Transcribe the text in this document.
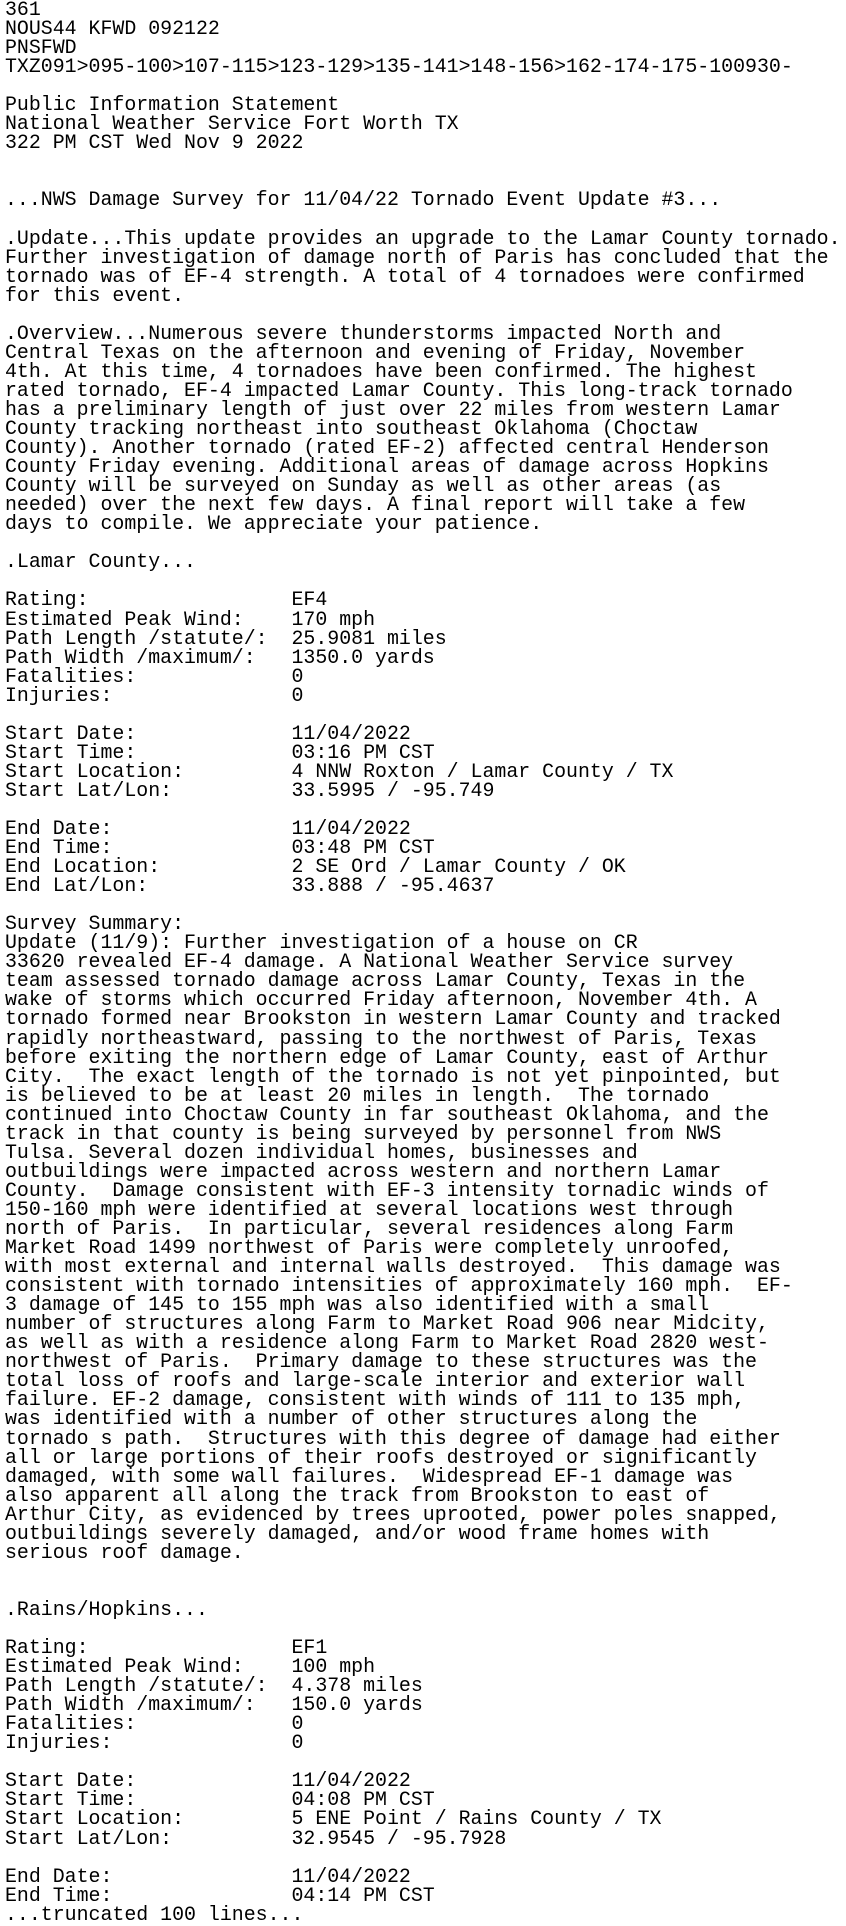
361
NOUS44 KFWD 092122
PNSFWD
TXZ091>095-100>107-115>123-129>135-141>148-156>162-174-175-100930-
Public Information Statement
National Weather Service Fort Worth TX
322 PM CST Wed Nov 9 2022
...NWS Damage Survey for 11/04/22 Tornado Event Update #3...
.Update...This update provides an upgrade to the Lamar County tornado.
Further investigation of damage north of Paris has concluded that the
tornado was of EF-4 strength. A total of 4 tornadoes were confirmed
for this event.
.Overview...Numerous severe thunderstorms impacted North and
Central Texas on the afternoon and evening of Friday, November
4th. At this time, 4 tornadoes have been confirmed. The highest
rated tornado, EF-4 impacted Lamar County. This long-track tornado
has a preliminary length of just over 22 miles from western Lamar
County tracking northeast into southeast Oklahoma (Choctaw
County). Another tornado (rated EF-2) affected central Henderson
County Friday evening. Additional areas of damage across Hopkins
County will be surveyed on Sunday as well as other areas (as
needed) over the next few days. A final report will take a few
days to compile. We appreciate your patience.
.Lamar County...
Rating:                 EF4
Estimated Peak Wind:    170 mph
Path Length /statute/:  25.9081 miles
Path Width /maximum/:   1350.0 yards
Fatalities:             0
Injuries:               0
Start Date:             11/04/2022
Start Time:             03:16 PM CST
Start Location:         4 NNW Roxton / Lamar County / TX
Start Lat/Lon:          33.5995 / -95.749
End Date:               11/04/2022
End Time:               03:48 PM CST
End Location:           2 SE Ord / Lamar County / OK
End Lat/Lon:            33.888 / -95.4637
Survey Summary:
Update (11/9): Further investigation of a house on CR
33620 revealed EF-4 damage. A National Weather Service survey
team assessed tornado damage across Lamar County, Texas in the
wake of storms which occurred Friday afternoon, November 4th. A
tornado formed near Brookston in western Lamar County and tracked
rapidly northeastward, passing to the northwest of Paris, Texas
before exiting the northern edge of Lamar County, east of Arthur
City.  The exact length of the tornado is not yet pinpointed, but
is believed to be at least 20 miles in length.  The tornado
continued into Choctaw County in far southeast Oklahoma, and the
track in that county is being surveyed by personnel from NWS
Tulsa. Several dozen individual homes, businesses and
outbuildings were impacted across western and northern Lamar
County.  Damage consistent with EF-3 intensity tornadic winds of
150-160 mph were identified at several locations west through
north of Paris.  In particular, several residences along Farm
Market Road 1499 northwest of Paris were completely unroofed,
with most external and internal walls destroyed.  This damage was
consistent with tornado intensities of approximately 160 mph.  EF-
3 damage of 145 to 155 mph was also identified with a small
number of structures along Farm to Market Road 906 near Midcity,
as well as with a residence along Farm to Market Road 2820 west-
northwest of Paris.  Primary damage to these structures was the
total loss of roofs and large-scale interior and exterior wall
failure. EF-2 damage, consistent with winds of 111 to 135 mph,
was identified with a number of other structures along the
tornado s path.  Structures with this degree of damage had either
all or large portions of their roofs destroyed or significantly
damaged, with some wall failures.  Widespread EF-1 damage was
also apparent all along the track from Brookston to east of
Arthur City, as evidenced by trees uprooted, power poles snapped,
outbuildings severely damaged, and/or wood frame homes with
serious roof damage.
.Rains/Hopkins...
Rating:                 EF1
Estimated Peak Wind:    100 mph
Path Length /statute/:  4.378 miles
Path Width /maximum/:   150.0 yards
Fatalities:             0
Injuries:               0
Start Date:             11/04/2022
Start Time:             04:08 PM CST
Start Location:         5 ENE Point / Rains County / TX
Start Lat/Lon:          32.9545 / -95.7928
End Date:               11/04/2022
End Time:               04:14 PM CST
...truncated 100 lines...
